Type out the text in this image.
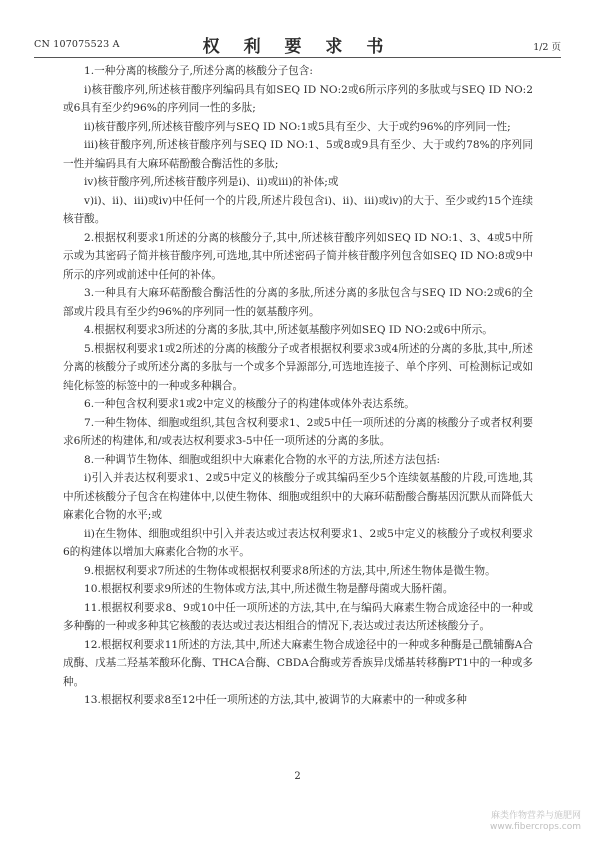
CN 107075523 A	权 利 要 求 书	1/2 页

1.一种分离的核酸分子,所述分离的核酸分子包含:

i)核苷酸序列,所述核苷酸序列编码具有如SEQ ID NO:2或6所示序列的多肽或与SEQ ID NO:2或6具有至少约96%的序列同一性的多肽;

ii)核苷酸序列,所述核苷酸序列与SEQ ID NO:1或5具有至少、大于或约96%的序列同一性;

iii)核苷酸序列,所述核苷酸序列与SEQ ID NO:1、5或8或9具有至少、大于或约78%的序列同一性并编码具有大麻环萜酚酸合酶活性的多肽;

iv)核苷酸序列,所述核苷酸序列是i)、ii)或iii)的补体;或

v)i)、ii)、iii)或iv)中任何一个的片段,所述片段包含i)、ii)、iii)或iv)的大于、至少或约15个连续核苷酸。

2.根据权利要求1所述的分离的核酸分子,其中,所述核苷酸序列如SEQ ID NO:1、3、4或5中所示或为其密码子简并核苷酸序列,可选地,其中所述密码子简并核苷酸序列包含如SEQ ID NO:8或9中所示的序列或前述中任何的补体。

3.一种具有大麻环萜酚酸合酶活性的分离的多肽,所述分离的多肽包含与SEQ ID NO:2或6的全部或片段具有至少约96%的序列同一性的氨基酸序列。

4.根据权利要求3所述的分离的多肽,其中,所述氨基酸序列如SEQ ID NO:2或6中所示。

5.根据权利要求1或2所述的分离的核酸分子或者根据权利要求3或4所述的分离的多肽,其中,所述分离的核酸分子或所述分离的多肽与一个或多个异源部分,可选地连接子、单个序列、可检测标记或如纯化标签的标签中的一种或多种耦合。

6.一种包含权利要求1或2中定义的核酸分子的构建体或体外表达系统。

7.一种生物体、细胞或组织,其包含权利要求1、2或5中任一项所述的分离的核酸分子或者权利要求6所述的构建体,和/或表达权利要求3-5中任一项所述的分离的多肽。

8.一种调节生物体、细胞或组织中大麻素化合物的水平的方法,所述方法包括:

i)引入并表达权利要求1、2或5中定义的核酸分子或其编码至少5个连续氨基酸的片段,可选地,其中所述核酸分子包含在构建体中,以使生物体、细胞或组织中的大麻环萜酚酸合酶基因沉默从而降低大麻素化合物的水平;或

ii)在生物体、细胞或组织中引入并表达或过表达权利要求1、2或5中定义的核酸分子或权利要求6的构建体以增加大麻素化合物的水平。

9.根据权利要求7所述的生物体或根据权利要求8所述的方法,其中,所述生物体是微生物。

10.根据权利要求9所述的生物体或方法,其中,所述微生物是酵母菌或大肠杆菌。

11.根据权利要求8、9或10中任一项所述的方法,其中,在与编码大麻素生物合成途径中的一种或多种酶的一种或多种其它核酸的表达或过表达相组合的情况下,表达或过表达所述核酸分子。

12.根据权利要求11所述的方法,其中,所述大麻素生物合成途径中的一种或多种酶是己酰辅酶A合成酶、戊基二羟基苯酸环化酶、THCA合酶、CBDA合酶或芳香族异戊烯基转移酶PT1中的一种或多种。

13.根据权利要求8至12中任一项所述的方法,其中,被调节的大麻素中的一种或多种

2
麻类作物营养与施肥网
www.fibercrops.com
